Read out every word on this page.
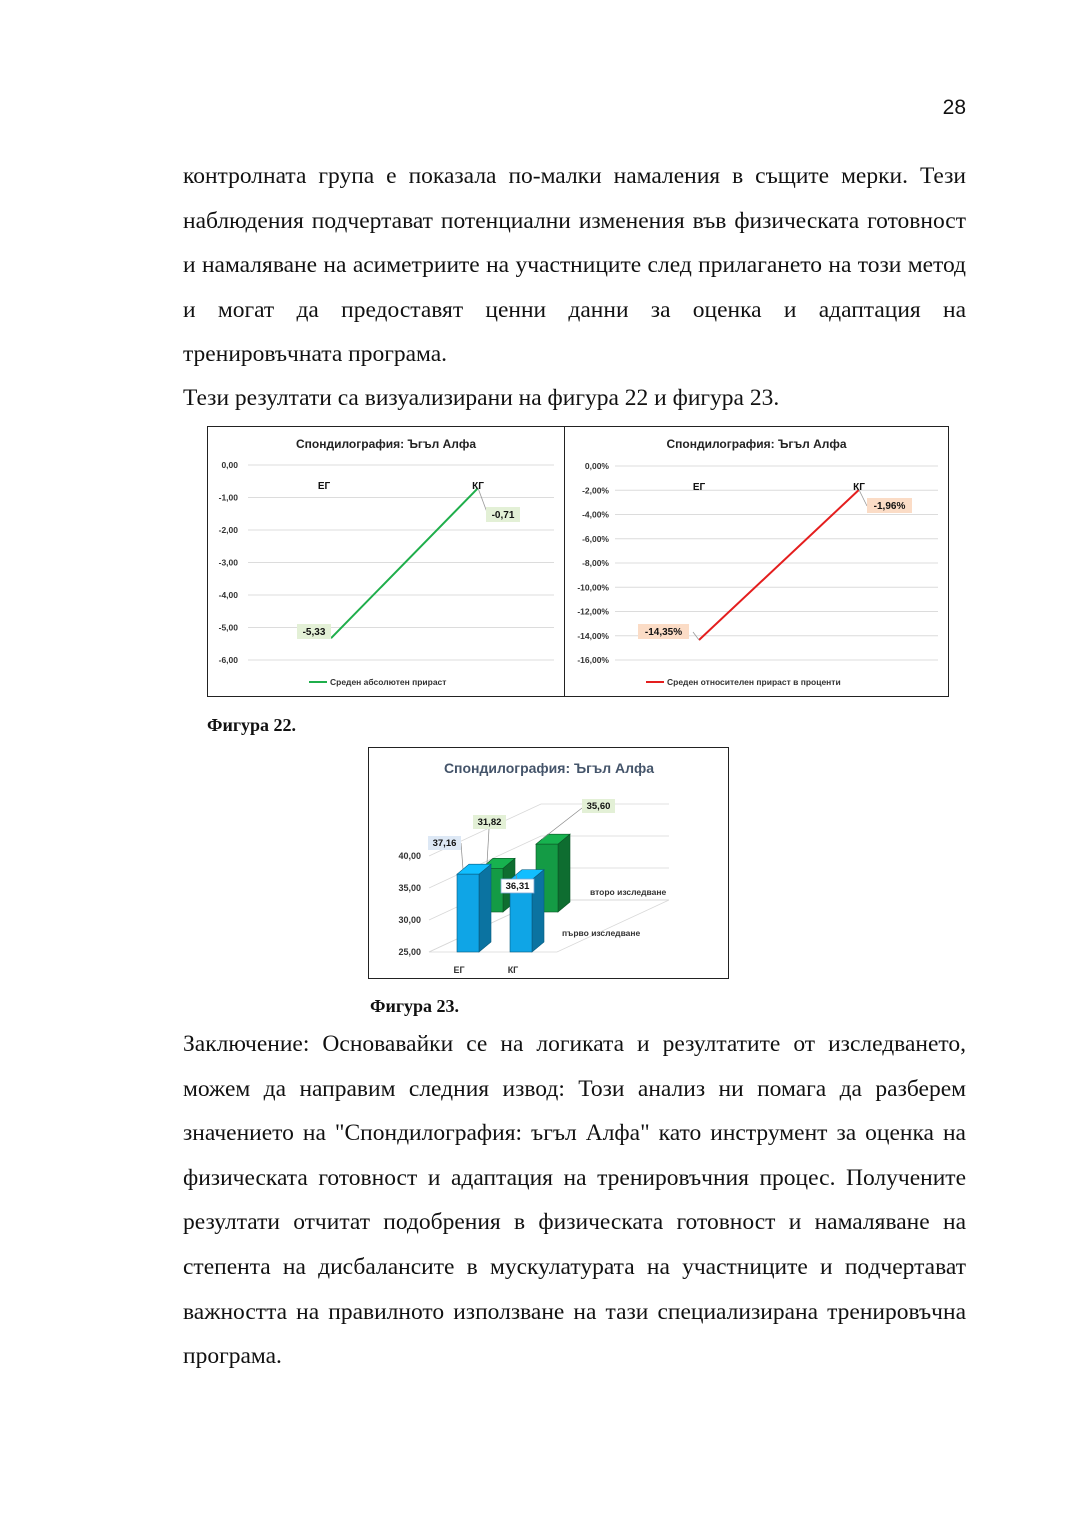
28

контролната група е показала по-малки намаления в същите мерки. Тези наблюдения подчертават потенциални изменения във физическата готовност и намаляване на асиметриите на участниците след прилагането на този метод и могат да предоставят ценни данни за оценка и адаптация на тренировъчната програма.

Тези резултати са визуализирани на фигура 22 и фигура 23.

Спондилография: Ъгъл Алфа
0,00
-1,00
-2,00
-3,00
-4,00
-5,00
-6,00
ЕГ	КГ
-5,33
-0,71
Среден абсолютен прираст
Спондилография: Ъгъл Алфа
0,00%
-2,00%
-4,00%
-6,00%
-8,00%
-10,00%
-12,00%
-14,00%
-16,00%
ЕГ	КГ
-14,35%
-1,96%
Среден относителен прираст в проценти
Фигура 22.
Спондилография: Ъгъл Алфа
25,00
30,00
35,00
40,00
31,82
35,60
37,16
36,31	второ изследване
първо изследване
ЕГ	КГ
Фигура 23.

Заключение: Основавайки се на логиката и резултатите от изследването, можем да направим следния извод: Този анализ ни помага да разберем значението на "Спондилография: ъгъл Алфа" като инструмент за оценка на физическата готовност и адаптация на тренировъчния процес. Получените резултати отчитат подобрения в физическата готовност и намаляване на степента на дисбалансите в мускулатурата на участниците и подчертават важността на правилното използване на тази специализирана тренировъчна програма.
